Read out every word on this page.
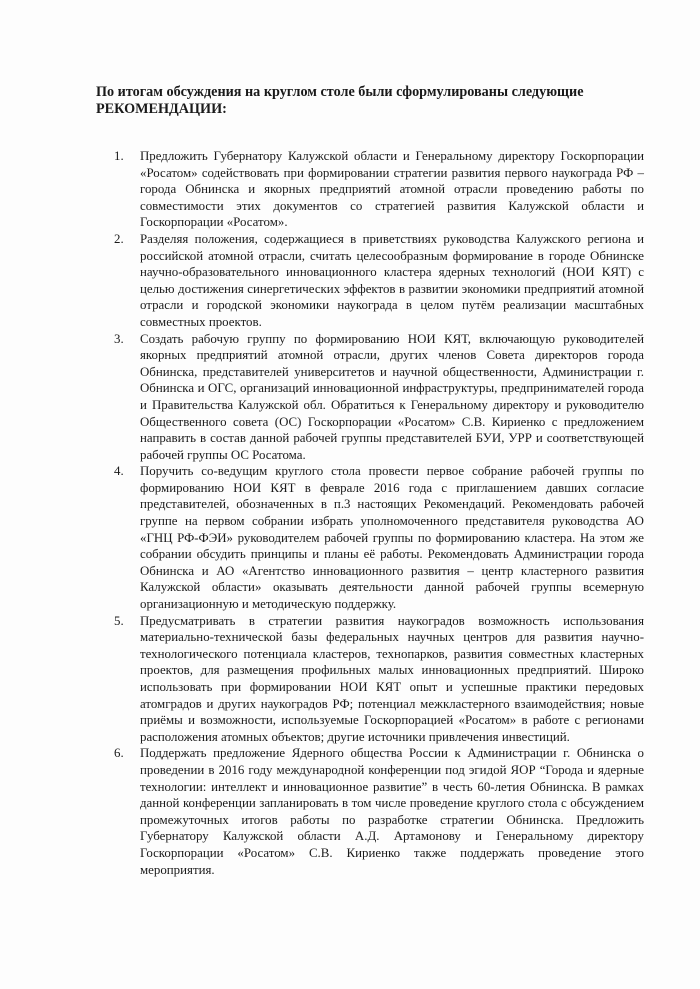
По итогам обсуждения на круглом столе были сформулированы следующие
РЕКОМЕНДАЦИИ:
1. Предложить Губернатору Калужской области и Генеральному директору Госкорпорации «Росатом» содействовать при формировании стратегии развития первого наукограда РФ – города Обнинска и якорных предприятий атомной отрасли проведению работы по совместимости этих документов со стратегией развития Калужской области и Госкорпорации «Росатом».

2. Разделяя положения, содержащиеся в приветствиях руководства Калужского региона и российской атомной отрасли, считать целесообразным формирование в городе Обнинске научно-образовательного инновационного кластера ядерных технологий (НОИ КЯТ) с целью достижения синергетических эффектов в развитии экономики предприятий атомной отрасли и городской экономики наукограда в целом путём реализации масштабных совместных проектов.

3. Создать рабочую группу по формированию НОИ КЯТ, включающую руководителей якорных предприятий атомной отрасли, других членов Совета директоров города Обнинска, представителей университетов и научной общественности, Администрации г. Обнинска и ОГС, организаций инновационной инфраструктуры, предпринимателей города и Правительства Калужской обл. Обратиться к Генеральному директору и руководителю Общественного совета (ОС) Госкорпорации «Росатом» С.В. Кириенко с предложением направить в состав данной рабочей группы представителей БУИ, УРР и соответствующей рабочей группы ОС Росатома.

4. Поручить со-ведущим круглого стола провести первое собрание рабочей группы по формированию НОИ КЯТ в феврале 2016 года с приглашением давших согласие представителей, обозначенных в п.3 настоящих Рекомендаций. Рекомендовать рабочей группе на первом собрании избрать уполномоченного представителя руководства АО «ГНЦ РФ-ФЭИ» руководителем рабочей группы по формированию кластера. На этом же собрании обсудить принципы и планы её работы. Рекомендовать Администрации города Обнинска и АО «Агентство инновационного развития – центр кластерного развития Калужской области» оказывать деятельности данной рабочей группы всемерную организационную и методическую поддержку.

5. Предусматривать в стратегии развития наукоградов возможность использования материально-технической базы федеральных научных центров для развития научно-технологического потенциала кластеров, технопарков, развития совместных кластерных проектов, для размещения профильных малых инновационных предприятий. Широко использовать при формировании НОИ КЯТ опыт и успешные практики передовых атомградов и других наукоградов РФ; потенциал межкластерного взаимодействия; новые приёмы и возможности, используемые Госкорпорацией «Росатом» в работе с регионами расположения атомных объектов; другие источники привлечения инвестиций.

6. Поддержать предложение Ядерного общества России к Администрации г. Обнинска о проведении в 2016 году международной конференции под эгидой ЯОР “Города и ядерные технологии: интеллект и инновационное развитие” в честь 60-летия Обнинска. В рамках данной конференции запланировать в том числе проведение круглого стола с обсуждением промежуточных итогов работы по разработке стратегии Обнинска. Предложить Губернатору Калужской области А.Д. Артамонову и Генеральному директору Госкорпорации «Росатом» С.В. Кириенко также поддержать проведение этого мероприятия.
